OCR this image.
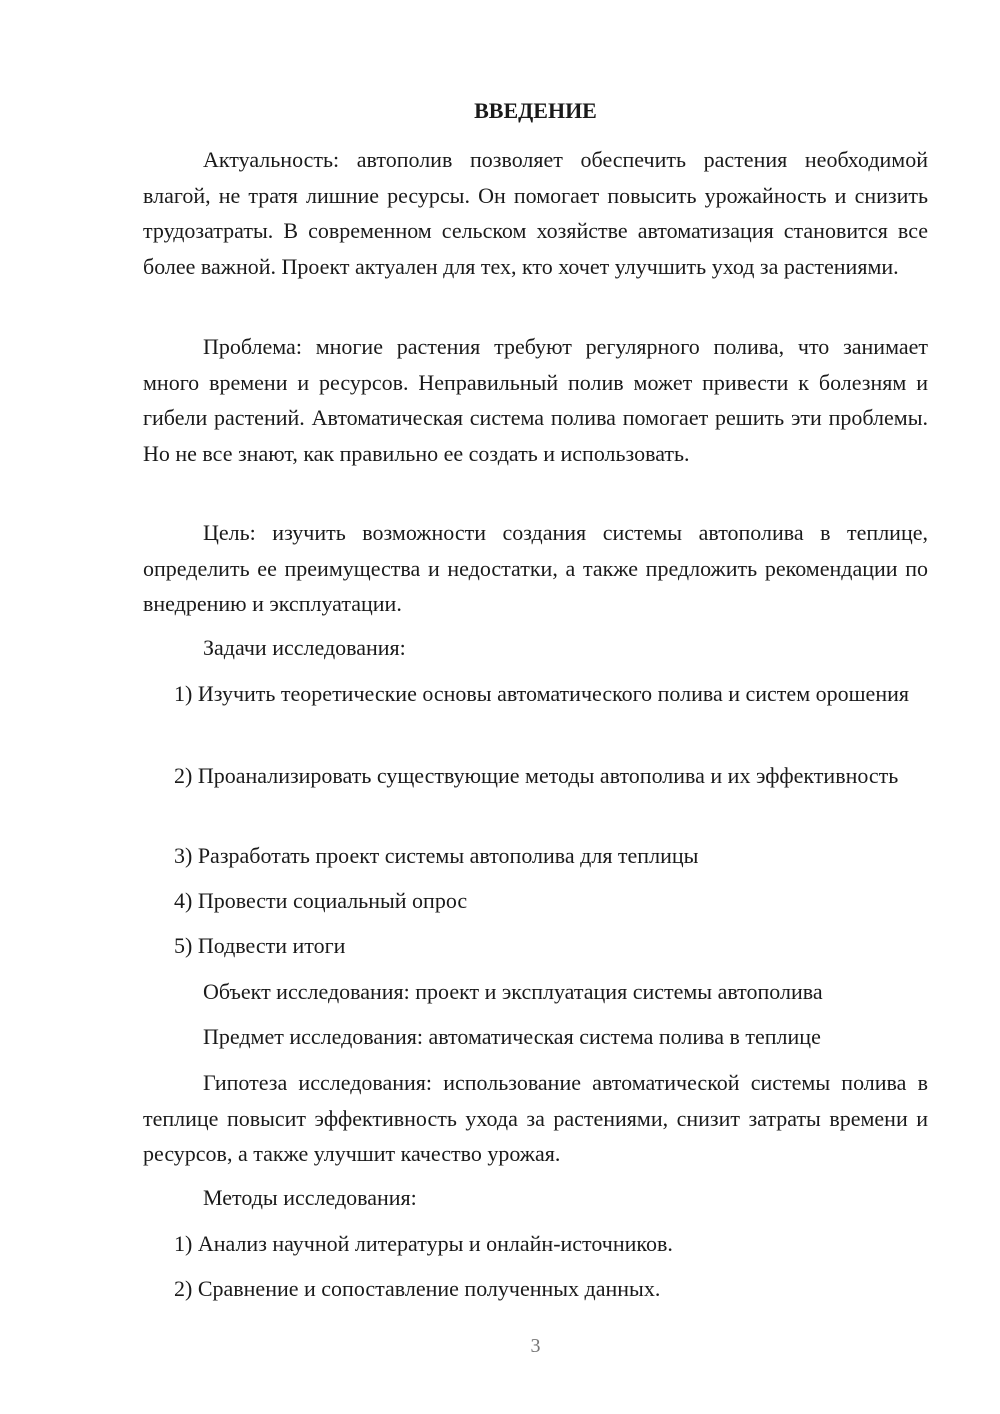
ВВЕДЕНИЕ

Актуальность: автополив позволяет обеспечить растения необходимой влагой, не тратя лишние ресурсы. Он помогает повысить урожайность и снизить трудозатраты. В современном сельском хозяйстве автоматизация становится все более важной. Проект актуален для тех, кто хочет улучшить уход за растениями.

Проблема: многие растения требуют регулярного полива, что занимает много времени и ресурсов. Неправильный полив может привести к болезням и гибели растений. Автоматическая система полива помогает решить эти проблемы. Но не все знают, как правильно ее создать и использовать.

Цель: изучить возможности создания системы автополива в теплице, определить ее преимущества и недостатки, а также предложить рекомендации по внедрению и эксплуатации.

Задачи исследования:

1) Изучить теоретические основы автоматического полива и систем орошения

2) Проанализировать существующие методы автополива и их эффективность

3) Разработать проект системы автополива для теплицы

4) Провести социальный опрос

5) Подвести итоги

Объект исследования: проект и эксплуатация системы автополива

Предмет исследования: автоматическая система полива в теплице

Гипотеза исследования: использование автоматической системы полива в теплице повысит эффективность ухода за растениями, снизит затраты времени и ресурсов, а также улучшит качество урожая.

Методы исследования:

1) Анализ научной литературы и онлайн-источников.

2) Сравнение и сопоставление полученных данных.

3
